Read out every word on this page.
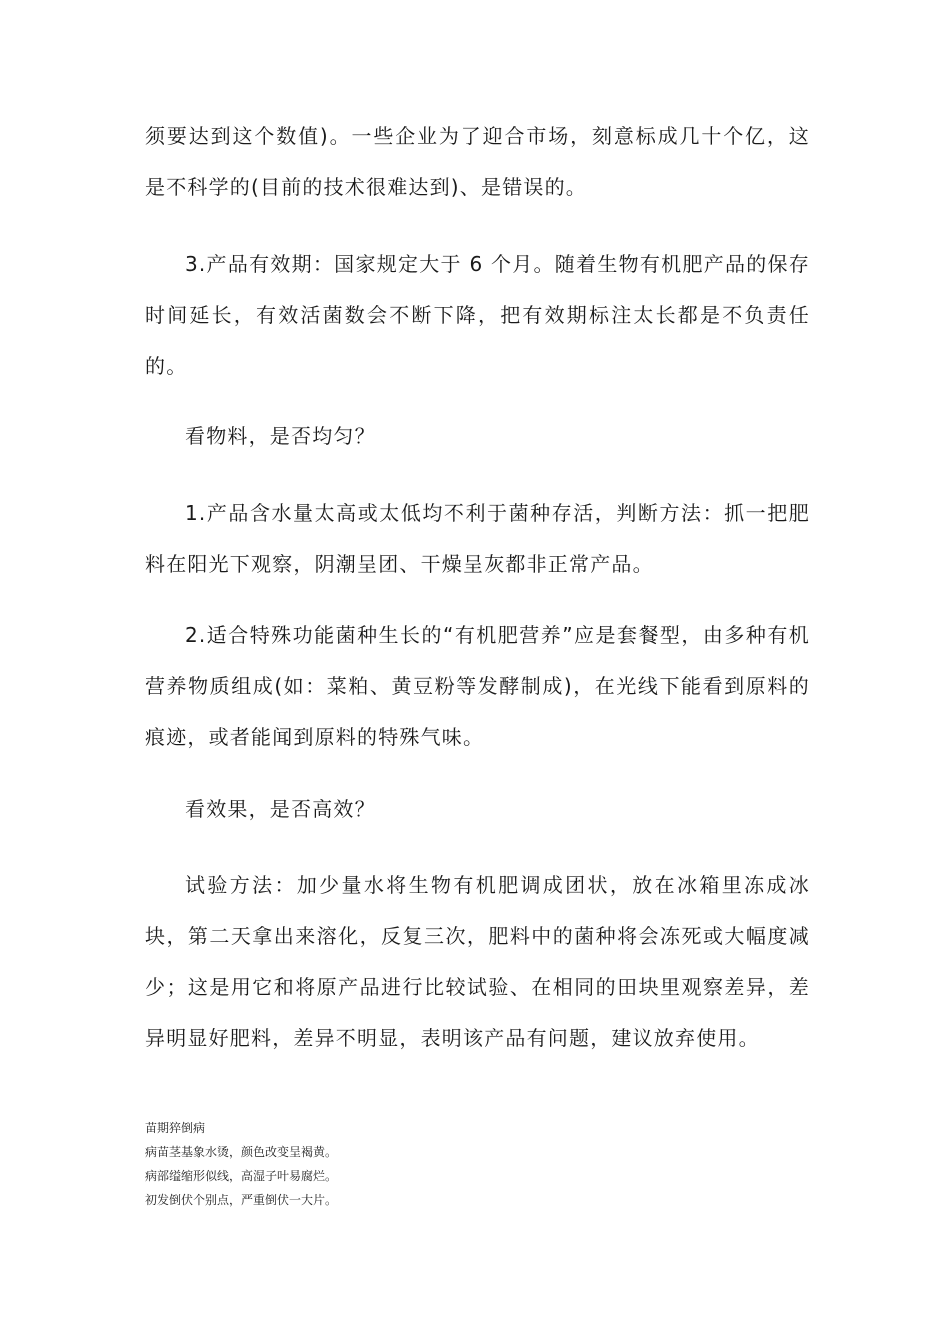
须要达到这个数值)。一些企业为了迎合市场，刻意标成几十个亿，这是不科学的(目前的技术很难达到)、是错误的。

3.产品有效期：国家规定大于 6 个月。随着生物有机肥产品的保存时间延长，有效活菌数会不断下降，把有效期标注太长都是不负责任的。

看物料，是否均匀？

1.产品含水量太高或太低均不利于菌种存活，判断方法：抓一把肥料在阳光下观察，阴潮呈团、干燥呈灰都非正常产品。

2.适合特殊功能菌种生长的“有机肥营养”应是套餐型，由多种有机营养物质组成(如：菜粕、黄豆粉等发酵制成)，在光线下能看到原料的痕迹，或者能闻到原料的特殊气味。

看效果，是否高效？

试验方法：加少量水将生物有机肥调成团状，放在冰箱里冻成冰块，第二天拿出来溶化，反复三次，肥料中的菌种将会冻死或大幅度减少；这是用它和将原产品进行比较试验、在相同的田块里观察差异，差异明显好肥料，差异不明显，表明该产品有问题，建议放弃使用。

苗期猝倒病
病苗茎基象水烫，颜色改变呈褐黄。
病部缢缩形似线，高湿子叶易腐烂。
初发倒伏个别点，严重倒伏一大片。
